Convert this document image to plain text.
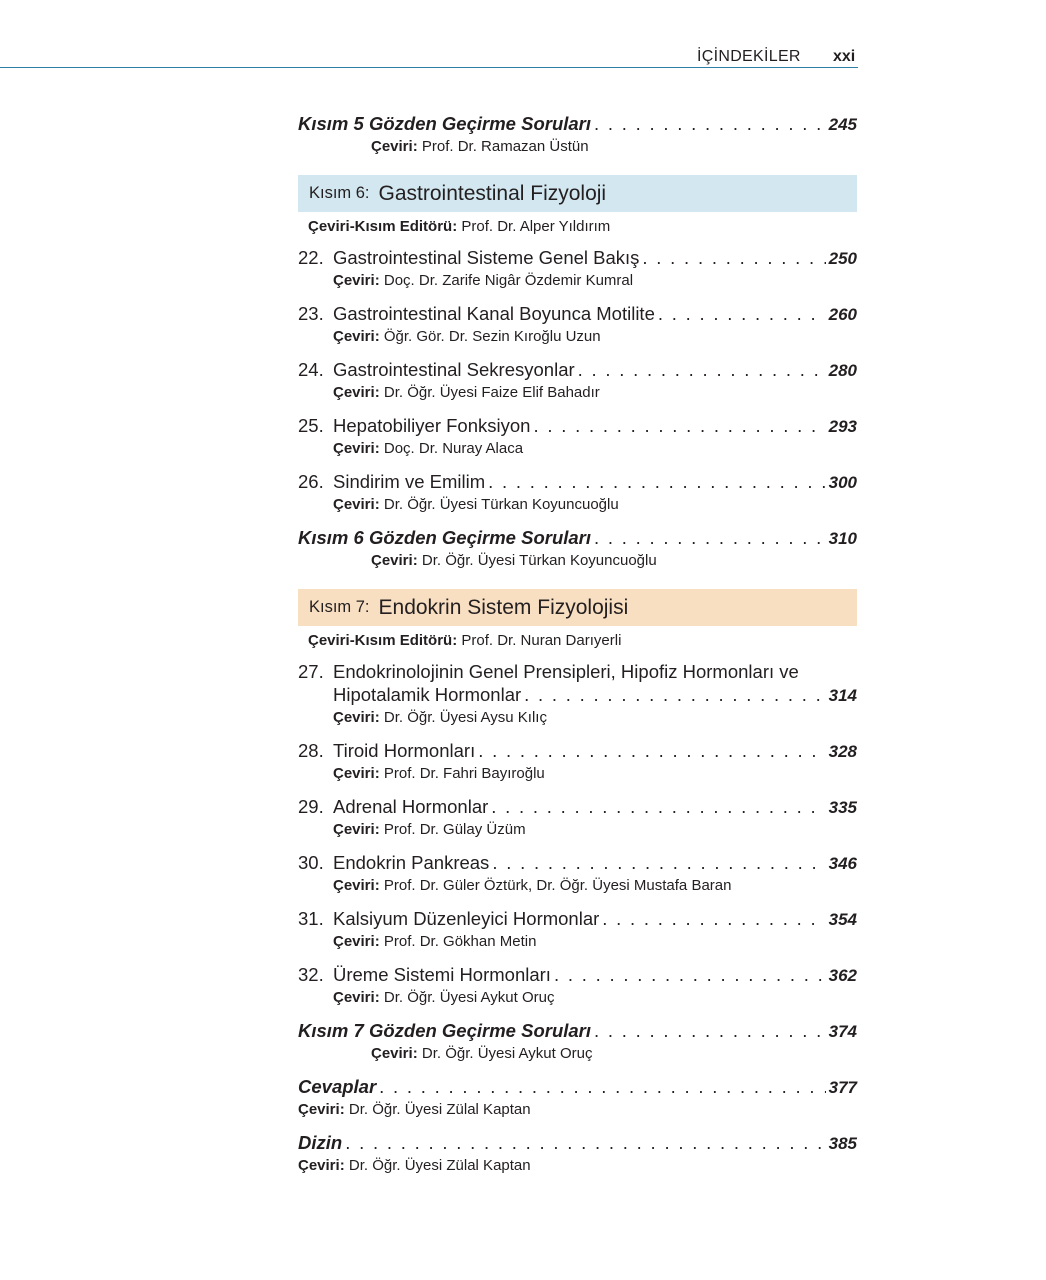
İÇİNDEKİLER xxi
Kısım 5 Gözden Geçirme Soruları . . .	245
Çeviri: Prof. Dr. Ramazan Üstün
Kısım 6: Gastrointestinal Fizyoloji
Çeviri-Kısım Editörü: Prof. Dr. Alper Yıldırım
22. Gastrointestinal Sisteme Genel Bakış . . .	250
Çeviri: Doç. Dr. Zarife Nigâr Özdemir Kumral
23. Gastrointestinal Kanal Boyunca Motilite . . .	260
Çeviri: Öğr. Gör. Dr. Sezin Kıroğlu Uzun
24. Gastrointestinal Sekresyonlar . . .	280
Çeviri: Dr. Öğr. Üyesi Faize Elif Bahadır
25. Hepatobiliyer Fonksiyon . . .	293
Çeviri: Doç. Dr. Nuray Alaca
26. Sindirim ve Emilim . . .	300
Çeviri: Dr. Öğr. Üyesi Türkan Koyuncuoğlu
Kısım 6 Gözden Geçirme Soruları . . .	310
Çeviri: Dr. Öğr. Üyesi Türkan Koyuncuoğlu
Kısım 7: Endokrin Sistem Fizyolojisi
Çeviri-Kısım Editörü: Prof. Dr. Nuran Darıyerli
27. Endokrinolojinin Genel Prensipleri, Hipofiz Hormonları ve
Hipotalamik Hormonlar . . .	314
Çeviri: Dr. Öğr. Üyesi Aysu Kılıç
28. Tiroid Hormonları . . .	328
Çeviri: Prof. Dr. Fahri Bayıroğlu
29. Adrenal Hormonlar . . .	335
Çeviri: Prof. Dr. Gülay Üzüm
30. Endokrin Pankreas . . .	346
Çeviri: Prof. Dr. Güler Öztürk, Dr. Öğr. Üyesi Mustafa Baran
31. Kalsiyum Düzenleyici Hormonlar . . .	354
Çeviri: Prof. Dr. Gökhan Metin
32. Üreme Sistemi Hormonları . . .	362
Çeviri: Dr. Öğr. Üyesi Aykut Oruç
Kısım 7 Gözden Geçirme Soruları . . .	374
Çeviri: Dr. Öğr. Üyesi Aykut Oruç
Cevaplar . . .	377
Çeviri: Dr. Öğr. Üyesi Zülal Kaptan
Dizin . . .	385
Çeviri: Dr. Öğr. Üyesi Zülal Kaptan
